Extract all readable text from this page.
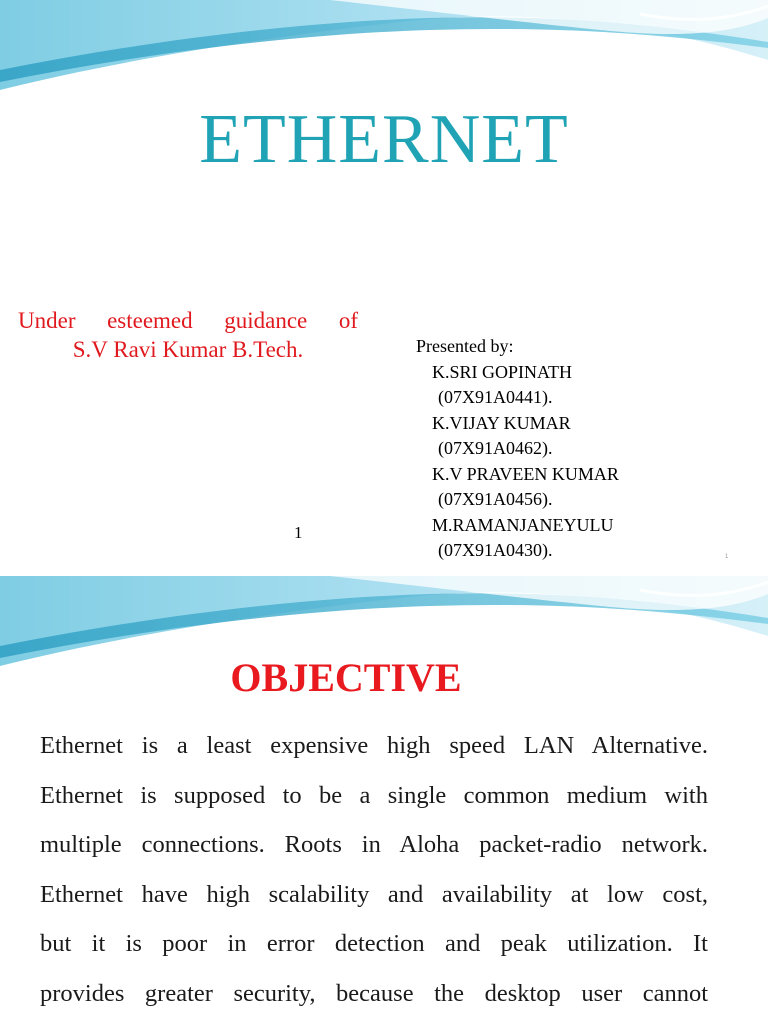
ETHERNET
Under esteemed guidance of
S.V Ravi Kumar B.Tech.	Presented by:
K.SRI GOPINATH
(07X91A0441).
K.VIJAY KUMAR
(07X91A0462).
K.V PRAVEEN KUMAR
(07X91A0456).
M.RAMANJANEYULU
(07X91A0430).
1
1
OBJECTIVE
Ethernet is a least expensive high speed LAN Alternative.
Ethernet is supposed to be a single common medium with
multiple connections. Roots in Aloha packet-radio network.
Ethernet have high scalability and availability at low cost,
but it is poor in error detection and peak utilization. It
provides greater security, because the desktop user cannot
